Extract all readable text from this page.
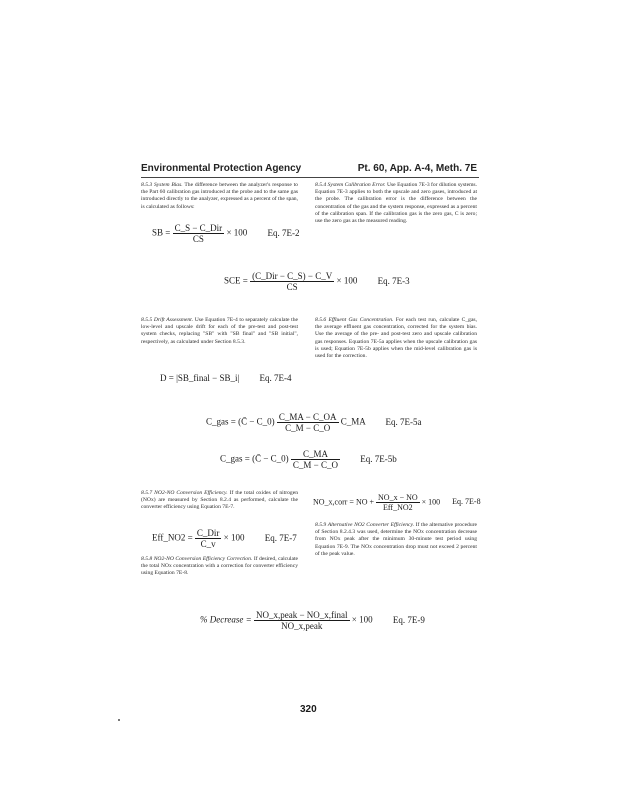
Environmental Protection Agency	Pt. 60, App. A-4, Meth. 7E
8.5.3 System Bias. The difference between the analyzer's response to the Part 60 calibration gas introduced at the probe and to the same gas introduced directly to the analyzer, expressed as a percent of the span, is calculated as follows:
SB = $\frac{\text{C\_S − C\_Dir}}{CS} \times 100$ Eq. 7E-2
8.5.4 System Calibration Error. Use Equation 7E-3 for dilution systems. Equation 7E-3 applies to both the upscale and zero gases, introduced at the probe. The calibration error is the difference between the concentration of the gas and the system response, expressed as a percent of the calibration span. If the calibration gas is the zero gas, C is zero; use the zero gas as the measured reading.
SCE = $\frac{\text{(C\_Dir − C\_S) − C\_V}}{CS} \times 100$ Eq. 7E-3
8.5.5 Drift Assessment. Use Equation 7E-4 to separately calculate the low-level and upscale drift for each of the pre-test and post-test system checks, replacing "SB" with "SB final" and "SB initial", respectively, as calculated under Section 8.5.3.
D = |SB_final − SB_i| Eq. 7E-4
8.5.6 Effluent Gas Concentration. For each test run, calculate C_gas, the average effluent gas concentration, corrected for the system bias. Use the average of the pre- and post-test zero and upscale calibration gas responses. Equation 7E-5a applies when the upscale calibration gas is used; Equation 7E-5b applies when the mid-level calibration gas is used for the correction.
C_gas = (C̄ − C_0) $\frac{C\_MA - C\_OA}{C\_M - C\_O}$ C_MA Eq. 7E-5a
C_gas = (C̄ − C_0) $\frac{C\_MA}{C\_M - C\_O} Eq$. 7E-5b
8.5.7 NO2-NO Conversion Efficiency. If the total oxides of nitrogen (NOx) are measured by Section 8.2.4 as performed, calculate the converter efficiency using Equation 7E-7.
Eff_NO2 = $\frac{\text{C\_Dir}}{C\_v} \times 100$ Eq. 7E-7
8.5.8 NO2-NO Conversion Efficiency Correction. If desired, calculate the total NOx concentration with a correction for converter efficiency using Equation 7E-8.
NO_x,corr = NO + $\frac{NO\_x - NO}{\text{Eff\_NO2}} \times 100$ Eq. 7E-8
8.5.9 Alternative NO2 Converter Efficiency. If the alternative procedure of Section 8.2.4.3 was used, determine the NOx concentration decrease from NOx peak after the minimum 30-minute test period using Equation 7E-9. The NOx concentration drop must not exceed 2 percent of the peak value.
% Decrease = $\frac{\text{NO\_x,peak − NO\_x,final}}{\text{NO\_x,peak}} \times 100$ Eq. 7E-9
320
